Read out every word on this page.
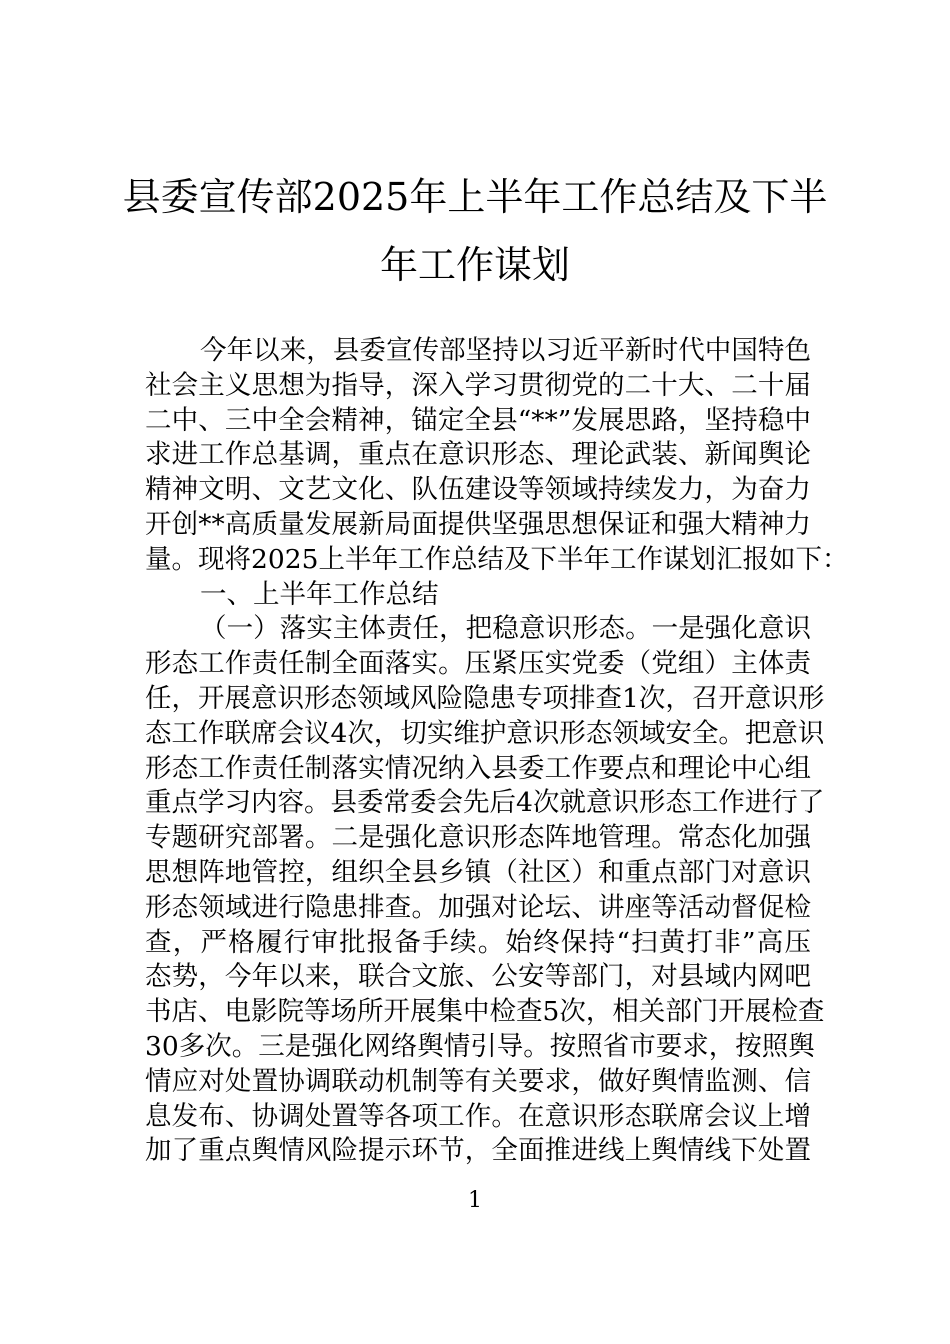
县委宣传部2025年上半年工作总结及下半
年工作谋划
今年以来，县委宣传部坚持以习近平新时代中国特色
社会主义思想为指导，深入学习贯彻党的二十大、二十届
二中、三中全会精神，锚定全县“**”发展思路，坚持稳中
求进工作总基调，重点在意识形态、理论武装、新闻舆论
精神文明、文艺文化、队伍建设等领域持续发力，为奋力
开创**高质量发展新局面提供坚强思想保证和强大精神力
量。现将2025上半年工作总结及下半年工作谋划汇报如下：
一、上半年工作总结
（一）落实主体责任，把稳意识形态。一是强化意识
形态工作责任制全面落实。压紧压实党委（党组）主体责
任，开展意识形态领域风险隐患专项排查1次，召开意识形
态工作联席会议4次，切实维护意识形态领域安全。把意识
形态工作责任制落实情况纳入县委工作要点和理论中心组
重点学习内容。县委常委会先后4次就意识形态工作进行了
专题研究部署。二是强化意识形态阵地管理。常态化加强
思想阵地管控，组织全县乡镇（社区）和重点部门对意识
形态领域进行隐患排查。加强对论坛、讲座等活动督促检
查，严格履行审批报备手续。始终保持“扫黄打非”高压
态势，今年以来，联合文旅、公安等部门，对县域内网吧
书店、电影院等场所开展集中检查5次，相关部门开展检查
30多次。三是强化网络舆情引导。按照省市要求，按照舆
情应对处置协调联动机制等有关要求，做好舆情监测、信
息发布、协调处置等各项工作。在意识形态联席会议上增
加了重点舆情风险提示环节，全面推进线上舆情线下处置
1
